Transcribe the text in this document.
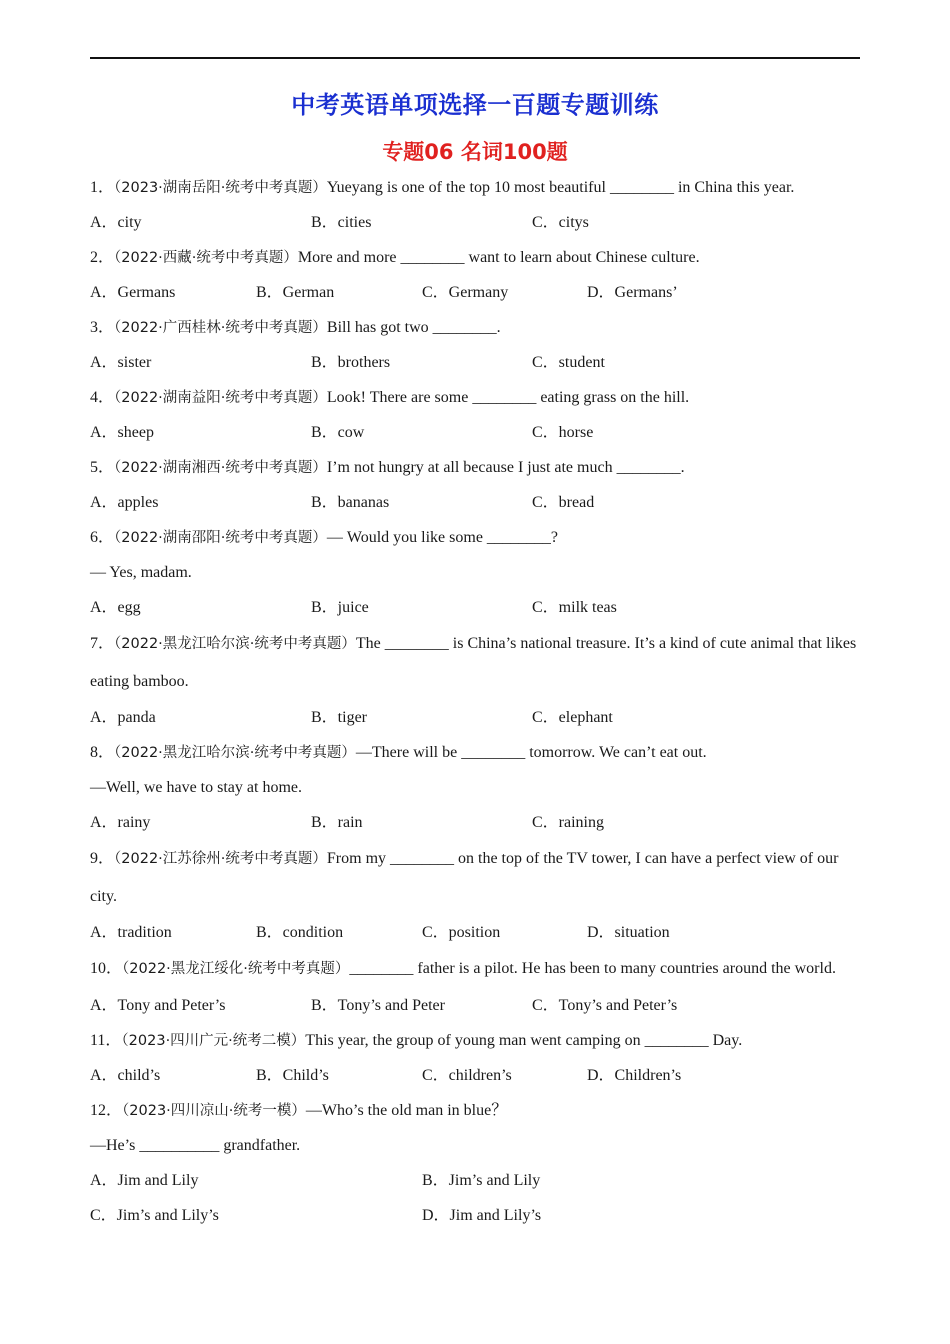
中考英语单项选择一百题专题训练
专题06 名词100题
1．（2023·湖南岳阳·统考中考真题）Yueyang is one of the top 10 most beautiful ________ in China this year.
A．city	B．cities	C．citys
2．（2022·西藏·统考中考真题）More and more ________ want to learn about Chinese culture.
A．Germans	B．German	C．Germany	D．Germans’
3．（2022·广西桂林·统考中考真题）Bill has got two ________.
A．sister	B．brothers	C．student
4．（2022·湖南益阳·统考中考真题）Look! There are some ________ eating grass on the hill.
A．sheep	B．cow	C．horse
5．（2022·湖南湘西·统考中考真题）I’m not hungry at all because I just ate much ________.
A．apples	B．bananas	C．bread
6．（2022·湖南邵阳·统考中考真题）— Would you like some ________?
— Yes, madam.
A．egg	B．juice	C．milk teas
7．（2022·黑龙江哈尔滨·统考中考真题）The ________ is China’s national treasure. It’s a kind of cute animal that likes eating bamboo.
A．panda	B．tiger	C．elephant
8．（2022·黑龙江哈尔滨·统考中考真题）—There will be ________ tomorrow. We can’t eat out.
—Well, we have to stay at home.
A．rainy	B．rain	C．raining
9．（2022·江苏徐州·统考中考真题）From my ________ on the top of the TV tower, I can have a perfect view of our city.
A．tradition	B．condition	C．position	D．situation
10．（2022·黑龙江绥化·统考中考真题）________ father is a pilot. He has been to many countries around the world.
A．Tony and Peter’s	B．Tony’s and Peter	C．Tony’s and Peter’s
11．（2023·四川广元·统考二模）This year, the group of young man went camping on ________ Day.
A．child’s	B．Child’s	C．children’s	D．Children’s
12．（2023·四川凉山·统考一模）—Who’s the old man in blue？
—He’s __________ grandfather.
A．Jim and Lily	B．Jim’s and Lily
C．Jim’s and Lily’s	D．Jim and Lily’s
